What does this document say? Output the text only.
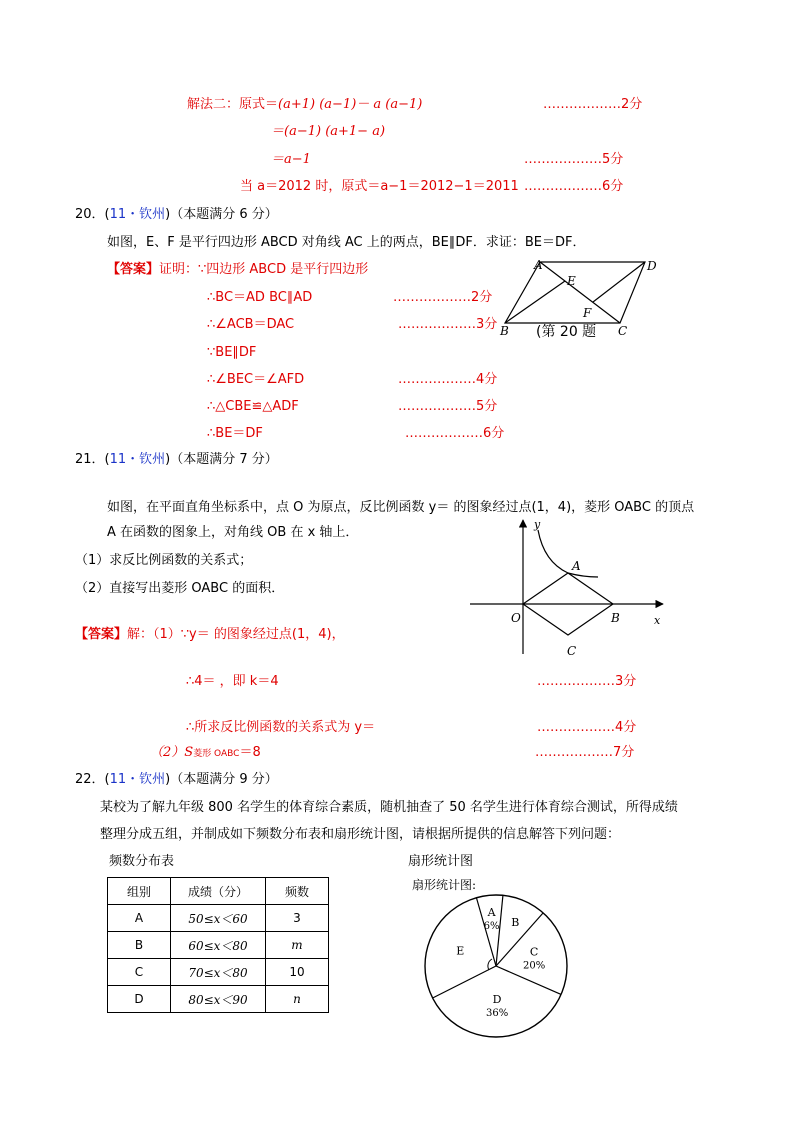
解法二：原式＝(a+1) (a−1)－ a (a−1)	………………2分
＝(a−1) (a+1− a)
＝a−1	………………5分
当 a＝2012 时，原式＝a−1＝2012−1＝2011 ………………6分
20．(11・钦州)（本题满分 6 分）
如图，E、F 是平行四边形 ABCD 对角线 AC 上的两点，BE∥DF．求证：BE＝DF．
【答案】证明：∵四边形 ABCD 是平行四边形
∴BC＝AD BC∥AD	………………2分
∴∠ACB＝DAC	………………3分
∵BE∥DF
∴∠BEC＝∠AFD	………………4分
∴△CBE≌△ADF	………………5分
∴BE＝DF	………………6分
A	D
E
F
B	C
(第 20 题
21．(11・钦州)（本题满分 7 分）
如图，在平面直角坐标系中，点 O 为原点，反比例函数 y＝ 的图象经过点(1，4)，菱形 OABC 的顶点
A 在函数的图象上，对角线 OB 在 x 轴上．
（1）求反比例函数的关系式；
（2）直接写出菱形 OABC 的面积．
【答案】解：（1）∵y＝ 的图象经过点(1，4)，
∴4＝ ，即 k＝4	………………3分
∴所求反比例函数的关系式为 y＝	………………4分
（2）S菱形 OABC＝8	………………7分
y
A
O	B	x
C
22．(11・钦州)（本题满分 9 分）
某校为了解九年级 800 名学生的体育综合素质，随机抽查了 50 名学生进行体育综合测试，所得成绩
整理分成五组，并制成如下频数分布表和扇形统计图，请根据所提供的信息解答下列问题：
频数分布表	扇形统计图
组别	成绩（分）	频数
A	50≤x＜60	3
B	60≤x＜80	m
C	70≤x＜80	10
D	80≤x＜90	n
扇形统计图:
A
6% B
C
20%
D
36%
E
